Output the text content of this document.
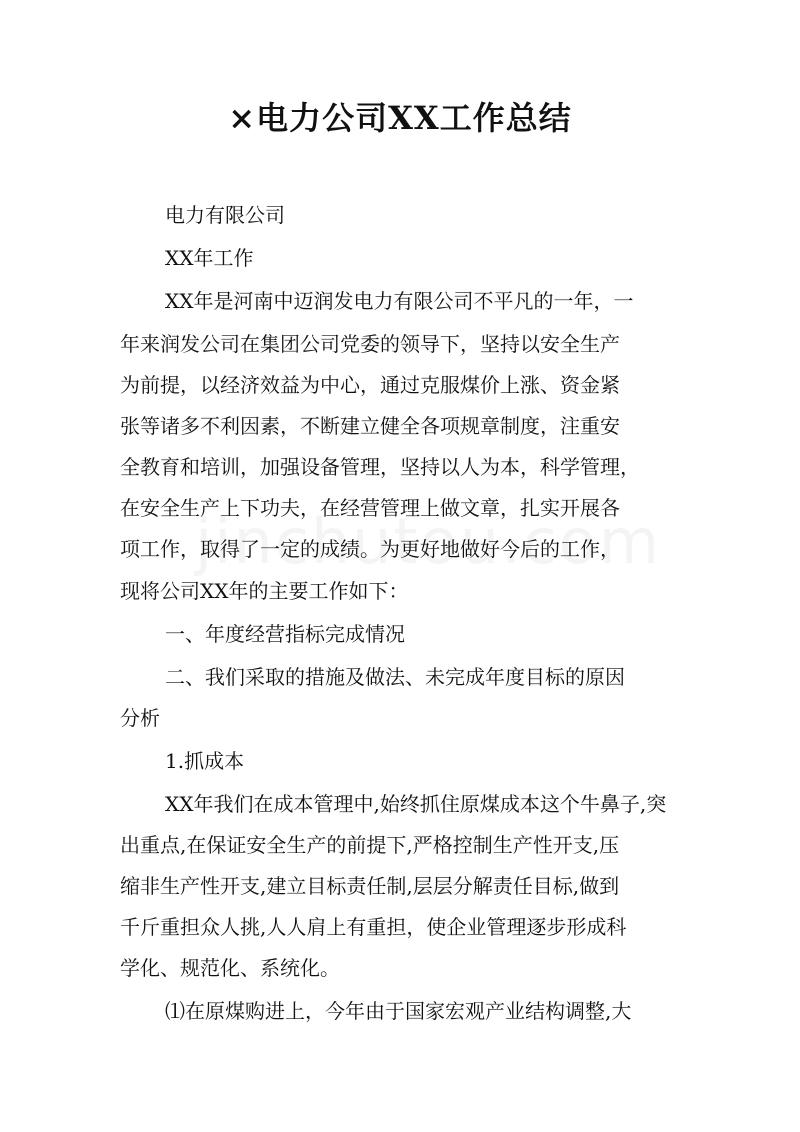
×电力公司XX工作总结
电力有限公司
XX年工作
XX年是河南中迈润发电力有限公司不平凡的一年，一
年来润发公司在集团公司党委的领导下，坚持以安全生产
为前提，以经济效益为中心，通过克服煤价上涨、资金紧
张等诸多不利因素，不断建立健全各项规章制度，注重安
全教育和培训，加强设备管理，坚持以人为本，科学管理，
在安全生产上下功夫，在经营管理上做文章，扎实开展各
项工作，取得了一定的成绩。为更好地做好今后的工作，
现将公司XX年的主要工作如下：
一、年度经营指标完成情况
二、我们采取的措施及做法、未完成年度目标的原因
分析
1.抓成本
XX年我们在成本管理中,始终抓住原煤成本这个牛鼻子,突
出重点,在保证安全生产的前提下,严格控制生产性开支,压
缩非生产性开支,建立目标责任制,层层分解责任目标,做到
千斤重担众人挑,人人肩上有重担，使企业管理逐步形成科
学化、规范化、系统化。
⑴在原煤购进上，今年由于国家宏观产业结构调整,大
